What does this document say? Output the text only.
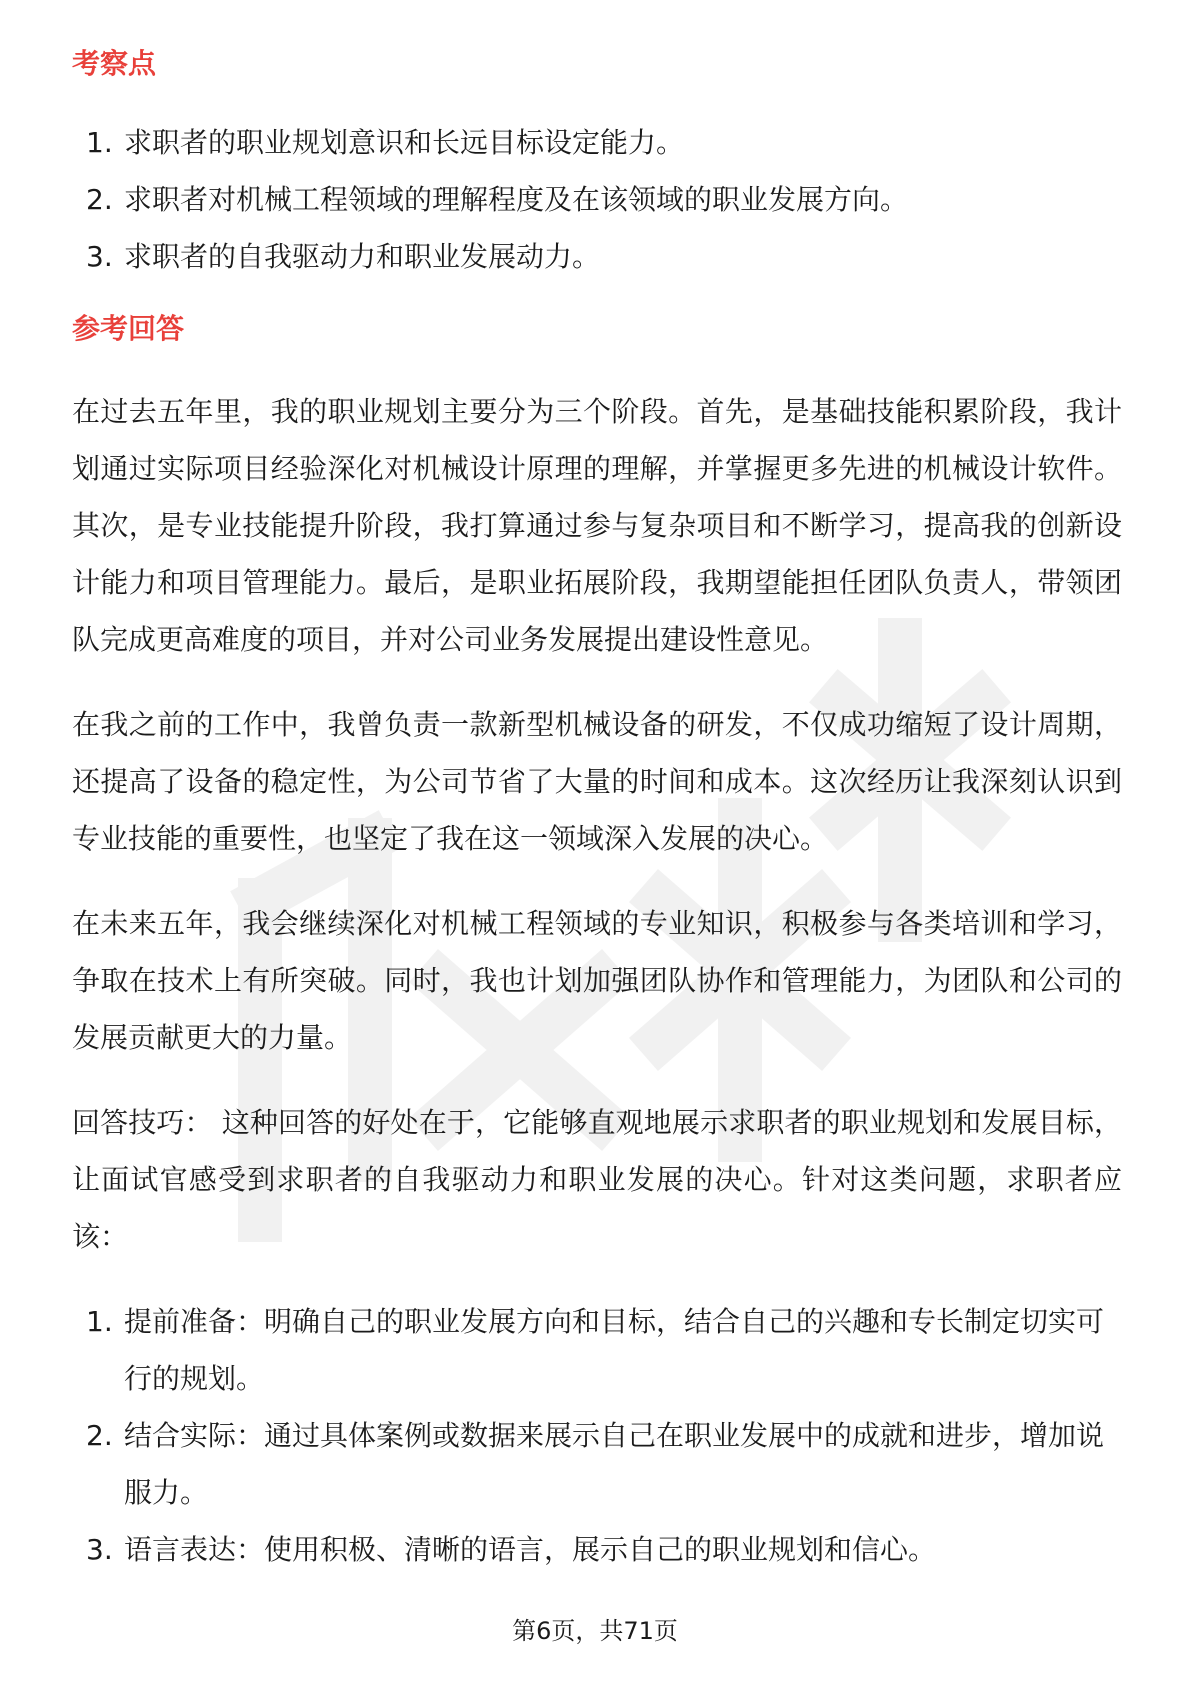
考察点
1. 求职者的职业规划意识和长远目标设定能力。
2. 求职者对机械工程领域的理解程度及在该领域的职业发展方向。
3. 求职者的自我驱动力和职业发展动力。
参考回答

在过去五年里，我的职业规划主要分为三个阶段。首先，是基础技能积累阶段，我计划通过实际项目经验深化对机械设计原理的理解，并掌握更多先进的机械设计软件。其次，是专业技能提升阶段，我打算通过参与复杂项目和不断学习，提高我的创新设计能力和项目管理能力。最后，是职业拓展阶段，我期望能担任团队负责人，带领团队完成更高难度的项目，并对公司业务发展提出建设性意见。

在我之前的工作中，我曾负责一款新型机械设备的研发，不仅成功缩短了设计周期，还提高了设备的稳定性，为公司节省了大量的时间和成本。这次经历让我深刻认识到专业技能的重要性，也坚定了我在这一领域深入发展的决心。

在未来五年，我会继续深化对机械工程领域的专业知识，积极参与各类培训和学习，争取在技术上有所突破。同时，我也计划加强团队协作和管理能力，为团队和公司的发展贡献更大的力量。

回答技巧： 这种回答的好处在于，它能够直观地展示求职者的职业规划和发展目标，让面试官感受到求职者的自我驱动力和职业发展的决心。针对这类问题，求职者应该：

1. 提前准备：明确自己的职业发展方向和目标，结合自己的兴趣和专长制定切实可行的规划。
2. 结合实际：通过具体案例或数据来展示自己在职业发展中的成就和进步，增加说服力。
3. 语言表达：使用积极、清晰的语言，展示自己的职业规划和信心。
第6页，共71页
